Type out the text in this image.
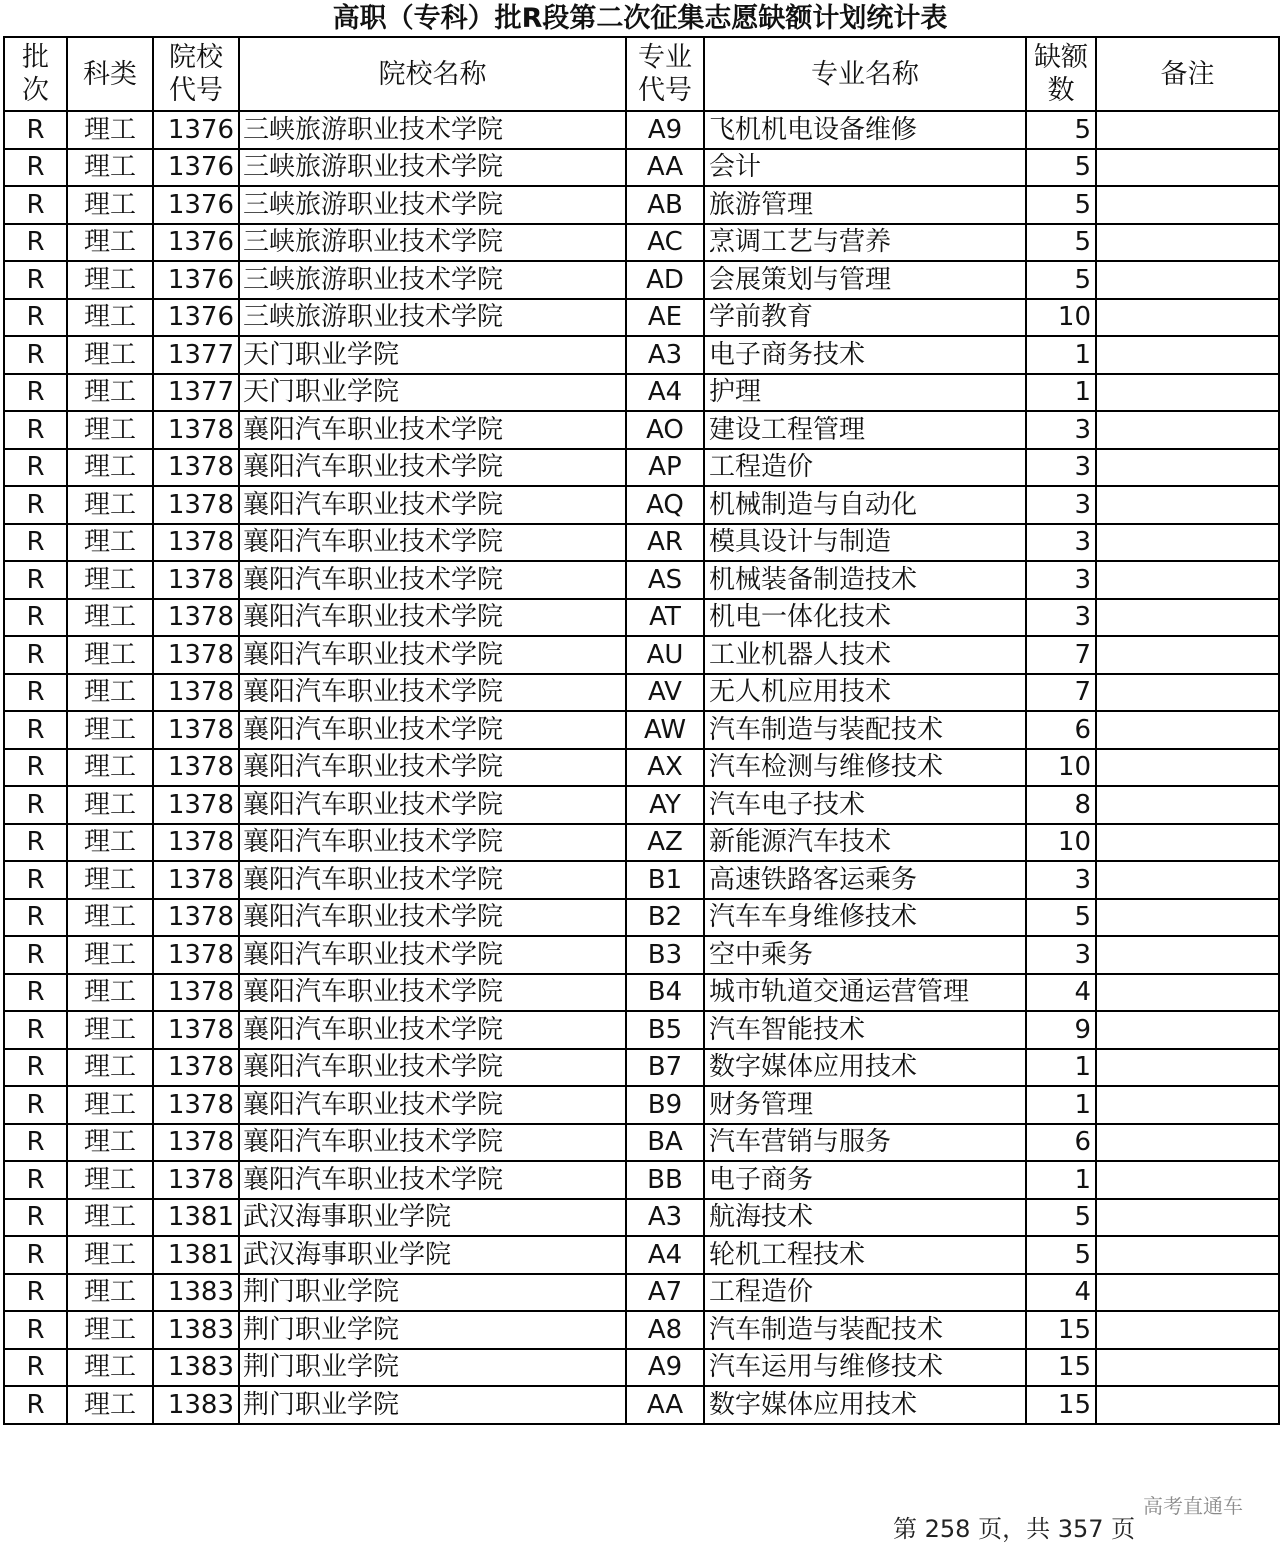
高职（专科）批R段第二次征集志愿缺额计划统计表
批次	科类	院校代号	院校名称	专业代号	专业名称	缺额数	备注
R	理工	1376	三峡旅游职业技术学院	A9	飞机机电设备维修	5	
R	理工	1376	三峡旅游职业技术学院	AA	会计	5	
R	理工	1376	三峡旅游职业技术学院	AB	旅游管理	5	
R	理工	1376	三峡旅游职业技术学院	AC	烹调工艺与营养	5	
R	理工	1376	三峡旅游职业技术学院	AD	会展策划与管理	5	
R	理工	1376	三峡旅游职业技术学院	AE	学前教育	10	
R	理工	1377	天门职业学院	A3	电子商务技术	1	
R	理工	1377	天门职业学院	A4	护理	1	
R	理工	1378	襄阳汽车职业技术学院	AO	建设工程管理	3	
R	理工	1378	襄阳汽车职业技术学院	AP	工程造价	3	
R	理工	1378	襄阳汽车职业技术学院	AQ	机械制造与自动化	3	
R	理工	1378	襄阳汽车职业技术学院	AR	模具设计与制造	3	
R	理工	1378	襄阳汽车职业技术学院	AS	机械装备制造技术	3	
R	理工	1378	襄阳汽车职业技术学院	AT	机电一体化技术	3	
R	理工	1378	襄阳汽车职业技术学院	AU	工业机器人技术	7	
R	理工	1378	襄阳汽车职业技术学院	AV	无人机应用技术	7	
R	理工	1378	襄阳汽车职业技术学院	AW	汽车制造与装配技术	6	
R	理工	1378	襄阳汽车职业技术学院	AX	汽车检测与维修技术	10	
R	理工	1378	襄阳汽车职业技术学院	AY	汽车电子技术	8	
R	理工	1378	襄阳汽车职业技术学院	AZ	新能源汽车技术	10	
R	理工	1378	襄阳汽车职业技术学院	B1	高速铁路客运乘务	3	
R	理工	1378	襄阳汽车职业技术学院	B2	汽车车身维修技术	5	
R	理工	1378	襄阳汽车职业技术学院	B3	空中乘务	3	
R	理工	1378	襄阳汽车职业技术学院	B4	城市轨道交通运营管理	4	
R	理工	1378	襄阳汽车职业技术学院	B5	汽车智能技术	9	
R	理工	1378	襄阳汽车职业技术学院	B7	数字媒体应用技术	1	
R	理工	1378	襄阳汽车职业技术学院	B9	财务管理	1	
R	理工	1378	襄阳汽车职业技术学院	BA	汽车营销与服务	6	
R	理工	1378	襄阳汽车职业技术学院	BB	电子商务	1	
R	理工	1381	武汉海事职业学院	A3	航海技术	5	
R	理工	1381	武汉海事职业学院	A4	轮机工程技术	5	
R	理工	1383	荆门职业学院	A7	工程造价	4	
R	理工	1383	荆门职业学院	A8	汽车制造与装配技术	15	
R	理工	1383	荆门职业学院	A9	汽车运用与维修技术	15	
R	理工	1383	荆门职业学院	AA	数字媒体应用技术	15	
高考直通车
第 258 页，共 357 页
